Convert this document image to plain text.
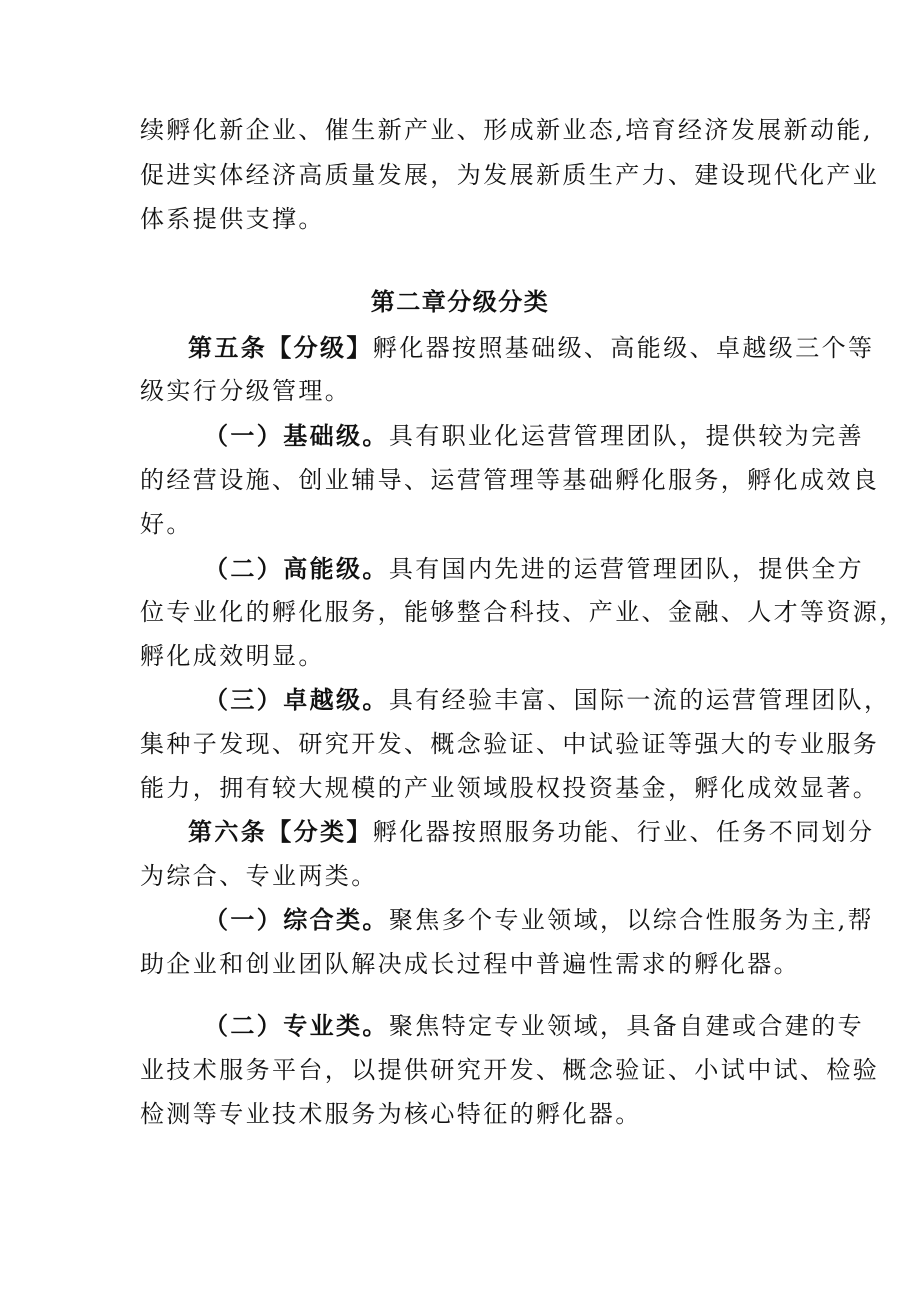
续孵化新企业、催生新产业、形成新业态,培育经济发展新动能,
促进实体经济高质量发展，为发展新质生产力、建设现代化产业
体系提供支撑。
第二章分级分类
第五条【分级】孵化器按照基础级、高能级、卓越级三个等
级实行分级管理。
（一）基础级。具有职业化运营管理团队，提供较为完善
的经营设施、创业辅导、运营管理等基础孵化服务，孵化成效良
好。
（二）高能级。具有国内先进的运营管理团队，提供全方
位专业化的孵化服务，能够整合科技、产业、金融、人才等资源，
孵化成效明显。
（三）卓越级。具有经验丰富、国际一流的运营管理团队，
集种子发现、研究开发、概念验证、中试验证等强大的专业服务
能力，拥有较大规模的产业领域股权投资基金，孵化成效显著。
第六条【分类】孵化器按照服务功能、行业、任务不同划分
为综合、专业两类。
（一）综合类。聚焦多个专业领域，以综合性服务为主,帮
助企业和创业团队解决成长过程中普遍性需求的孵化器。
（二）专业类。聚焦特定专业领域，具备自建或合建的专
业技术服务平台，以提供研究开发、概念验证、小试中试、检验
检测等专业技术服务为核心特征的孵化器。
